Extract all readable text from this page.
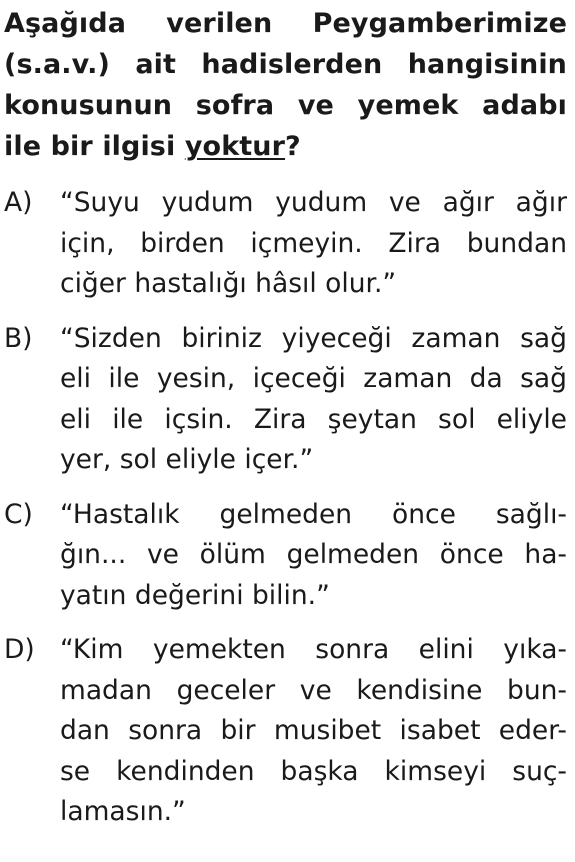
Aşağıda verilen Peygamberimize
(s.a.v.) ait hadislerden hangisinin
konusunun sofra ve yemek adabı
ile bir ilgisi yoktur?
A)	“Suyu yudum yudum ve ağır ağır
için, birden içmeyin. Zira bundan
ciğer hastalığı hâsıl olur.”
B)	“Sizden biriniz yiyeceği zaman sağ
eli ile yesin, içeceği zaman da sağ
eli ile içsin. Zira şeytan sol eliyle
yer, sol eliyle içer.”
C)	“Hastalık gelmeden önce sağlı-
ğın... ve ölüm gelmeden önce ha-
yatın değerini bilin.”
D) “Kim yemekten sonra elini yıka-
madan geceler ve kendisine bun-
dan sonra bir musibet isabet eder-
se kendinden başka kimseyi suç-
lamasın.”
